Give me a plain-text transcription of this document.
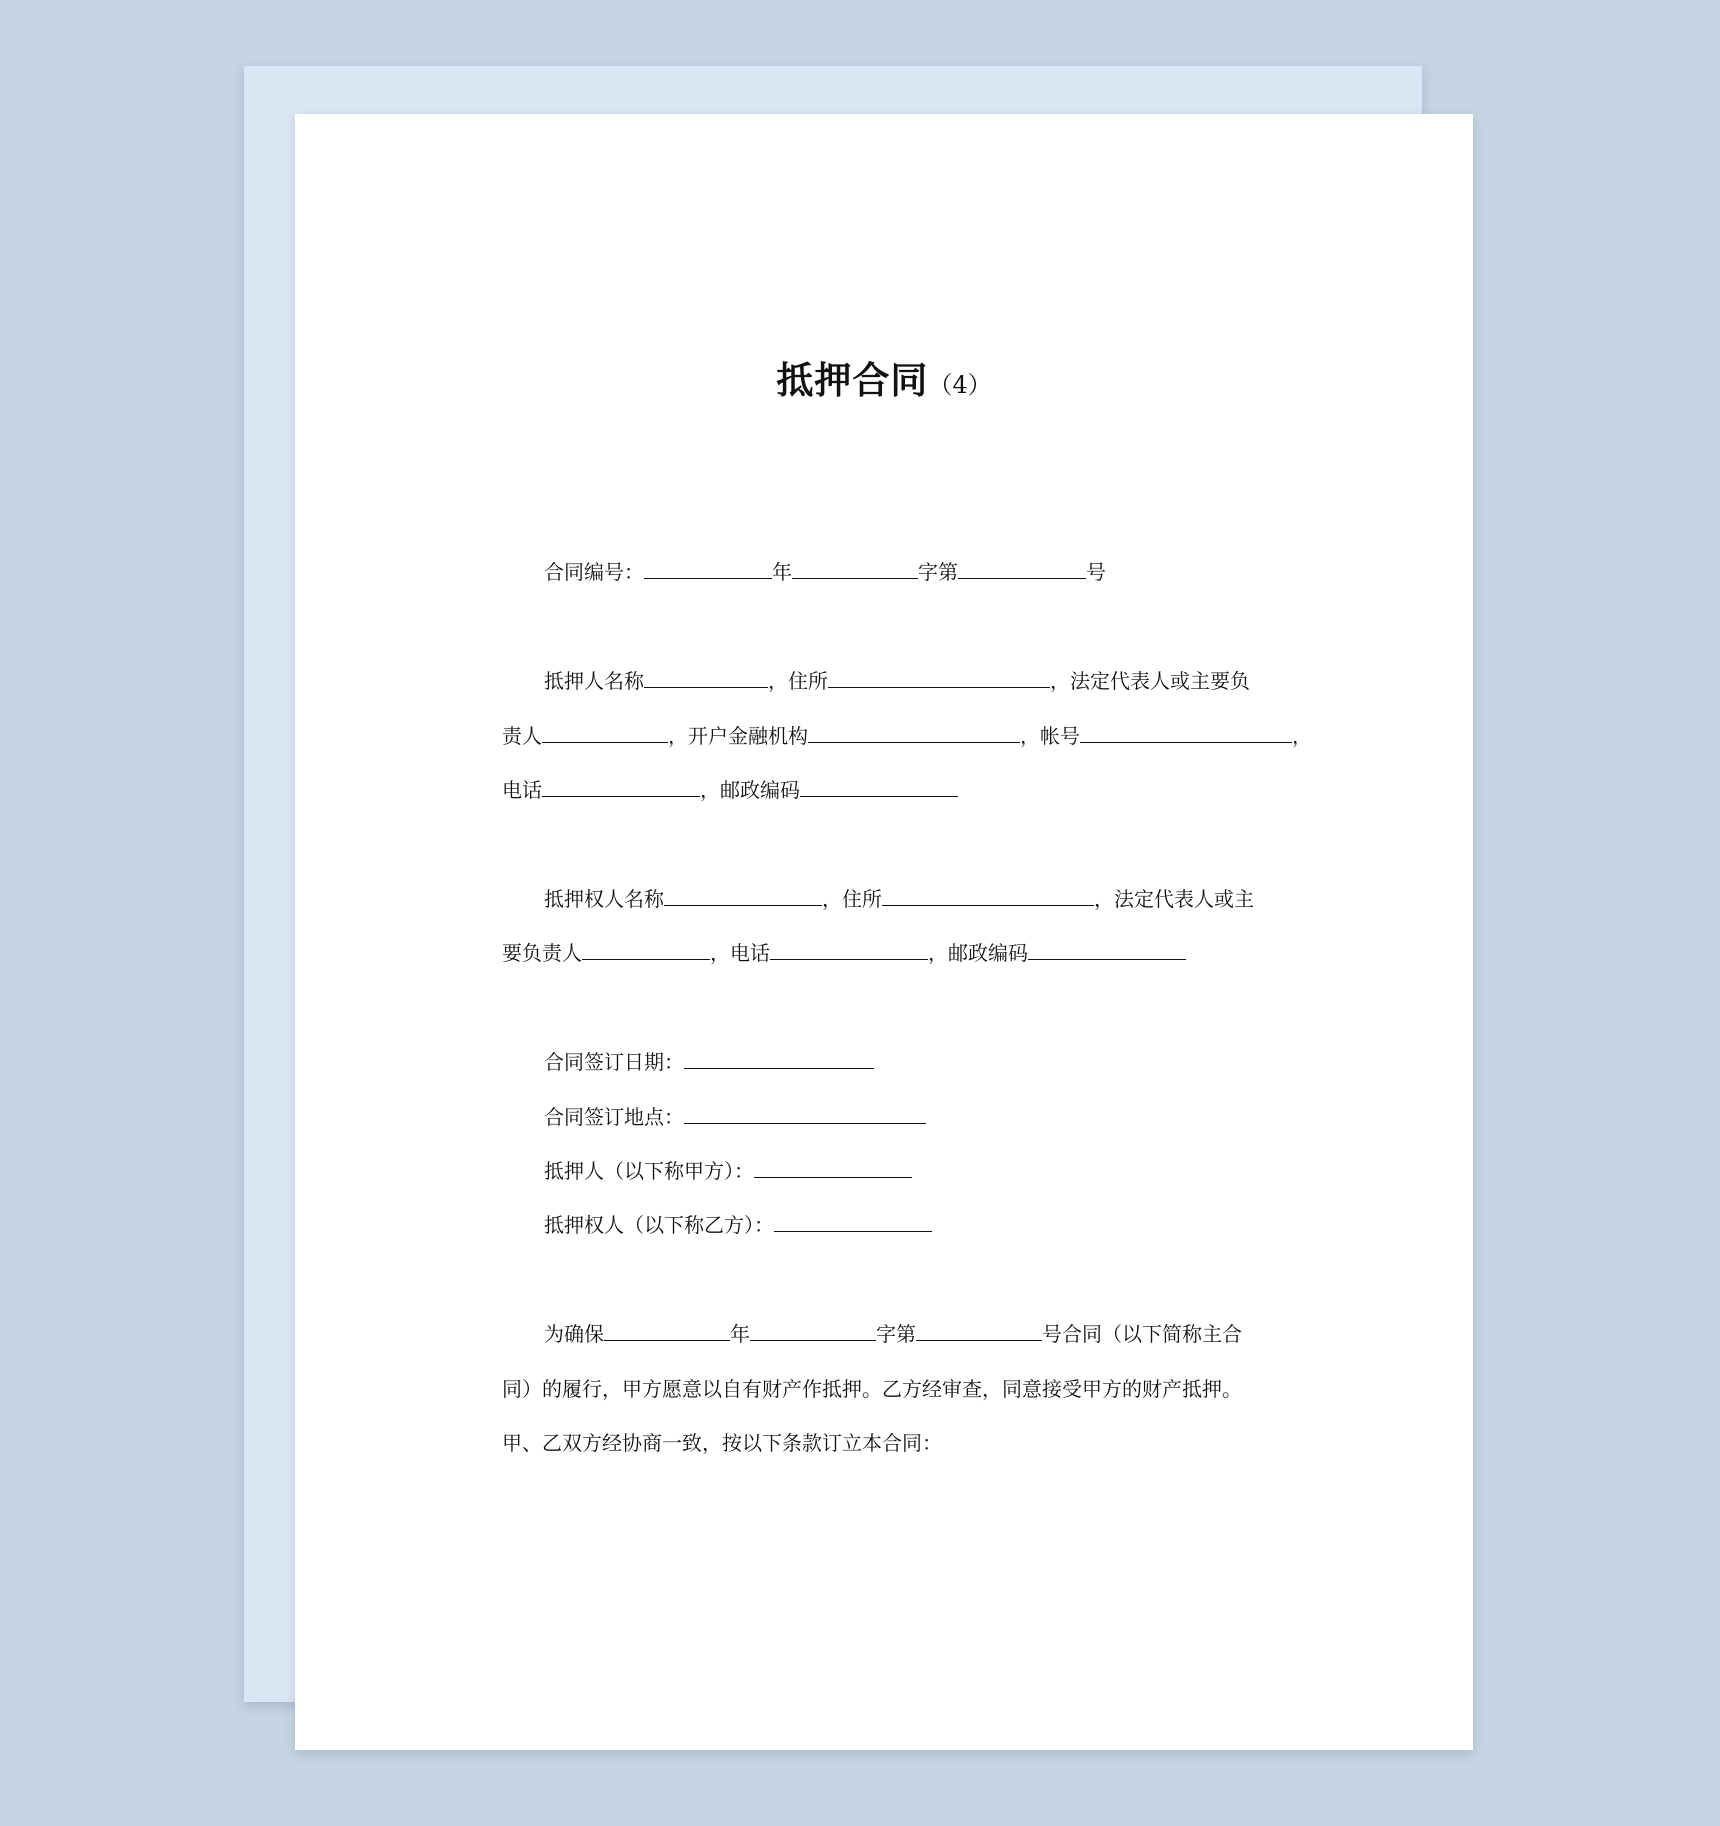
抵押合同（4）
合同编号：	年	字第	号
抵押人名称	，住所	，法定代表人或主要负
责人	，开户金融机构	，帐号	，
电话	，邮政编码
抵押权人名称	，住所	，法定代表人或主
要负责人	，电话	，邮政编码
合同签订日期：
合同签订地点：
抵押人（以下称甲方）：
抵押权人（以下称乙方）：
为确保	年	字第	号合同（以下简称主合
同）的履行，甲方愿意以自有财产作抵押。乙方经审查，同意接受甲方的财产抵押。
甲、乙双方经协商一致，按以下条款订立本合同：
